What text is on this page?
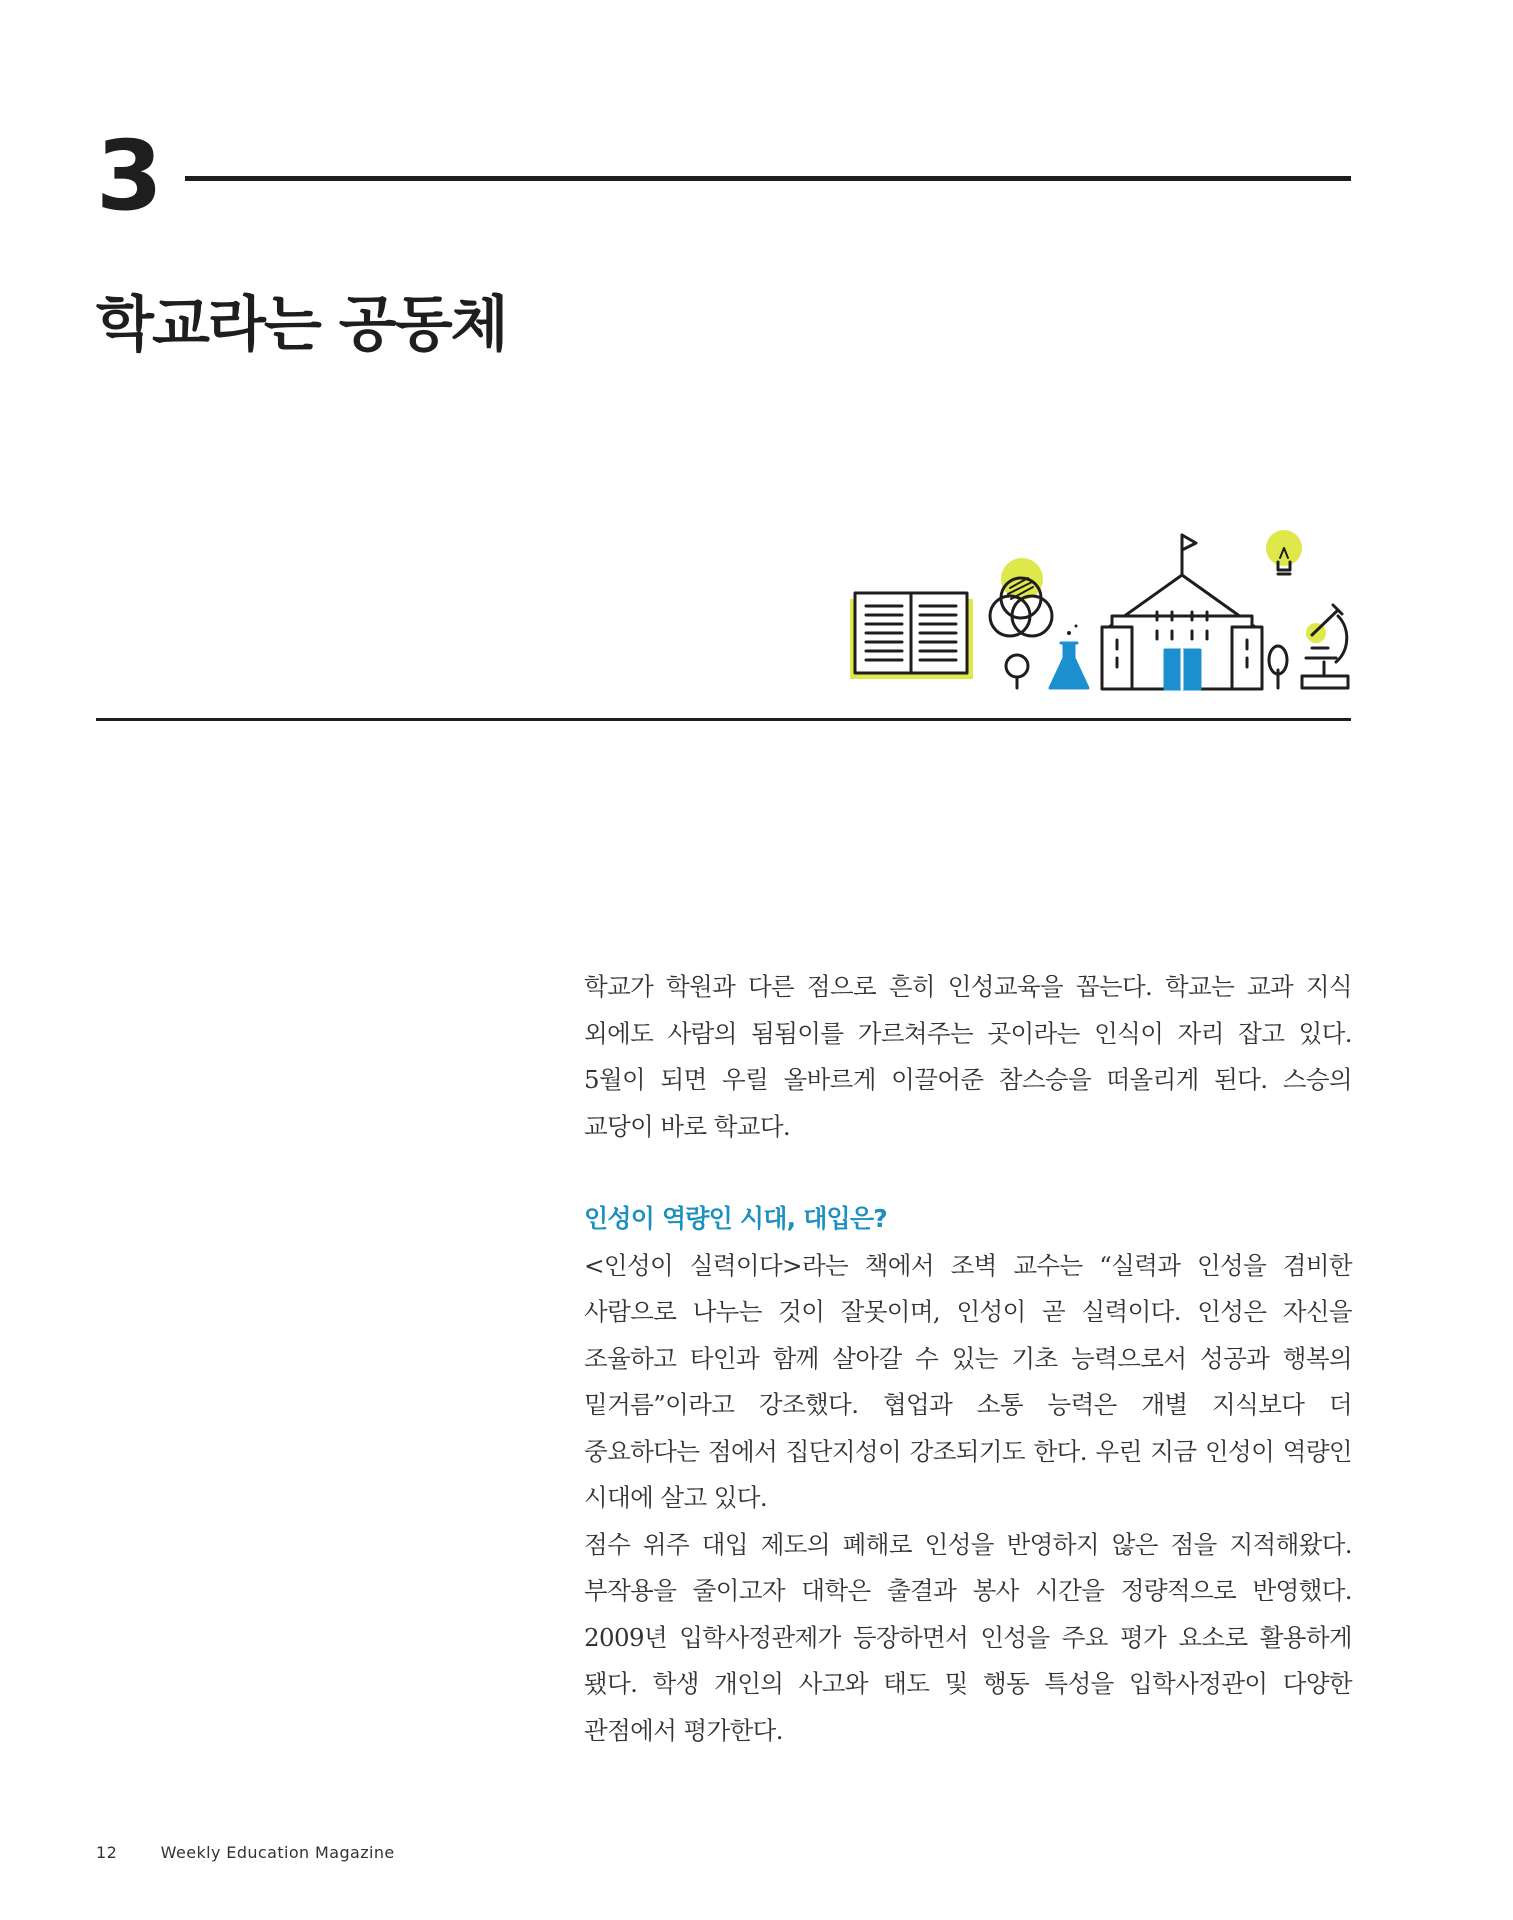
3
학교라는 공동체

학교가 학원과 다른 점으로 흔히 인성교육을 꼽는다. 학교는 교과 지식 외에도 사람의 됨됨이를 가르쳐주는 곳이라는 인식이 자리 잡고 있다. 5월이 되면 우릴 올바르게 이끌어준 참스승을 떠올리게 된다. 스승의 교당이 바로 학교다.

인성이 역량인 시대, 대입은?

<인성이 실력이다>라는 책에서 조벽 교수는 “실력과 인성을 겸비한 사람으로 나누는 것이 잘못이며, 인성이 곧 실력이다. 인성은 자신을 조율하고 타인과 함께 살아갈 수 있는 기초 능력으로서 성공과 행복의 밑거름”이라고 강조했다. 협업과 소통 능력은 개별 지식보다 더 중요하다는 점에서 집단지성이 강조되기도 한다. 우린 지금 인성이 역량인 시대에 살고 있다.

점수 위주 대입 제도의 폐해로 인성을 반영하지 않은 점을 지적해왔다. 부작용을 줄이고자 대학은 출결과 봉사 시간을 정량적으로 반영했다. 2009년 입학사정관제가 등장하면서 인성을 주요 평가 요소로 활용하게 됐다. 학생 개인의 사고와 태도 및 행동 특성을 입학사정관이 다양한 관점에서 평가한다.

12	Weekly Education Magazine
